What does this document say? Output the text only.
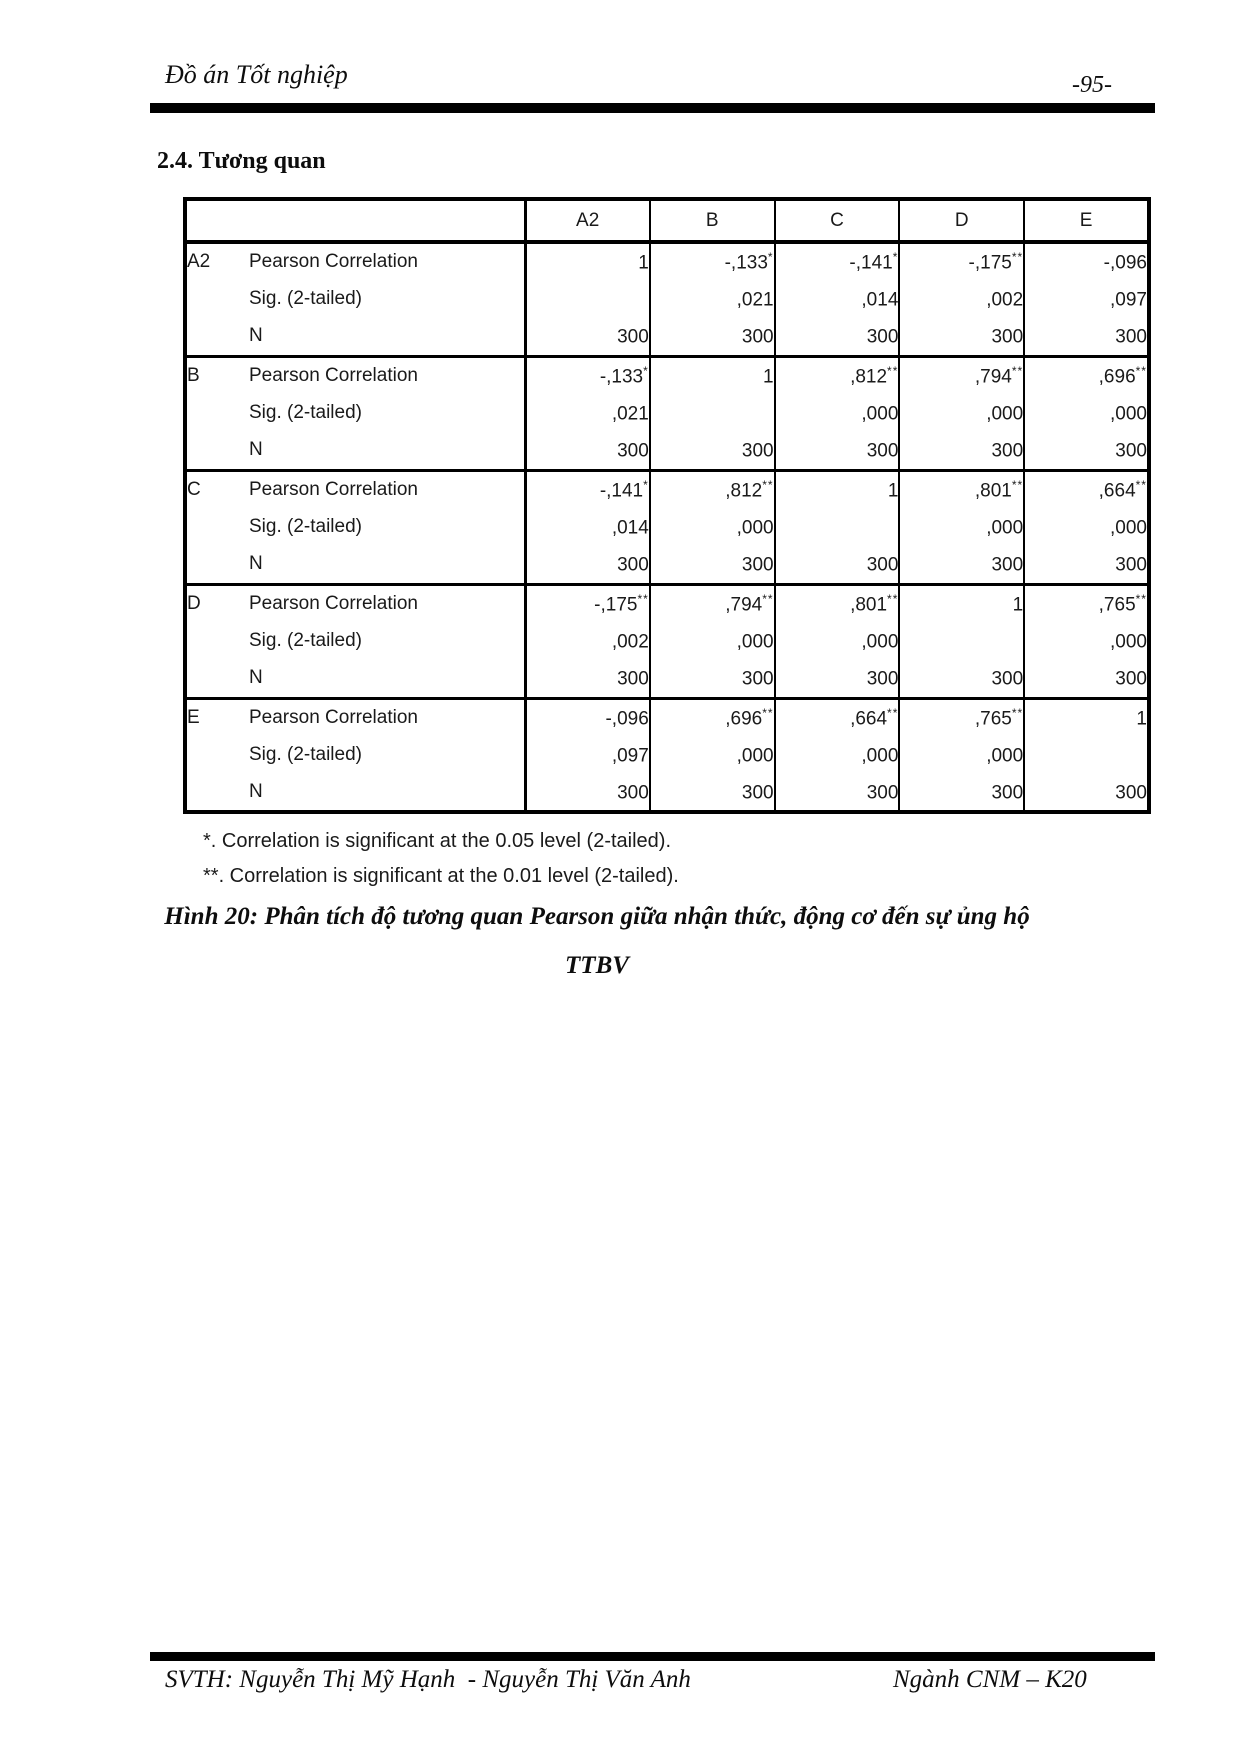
Đồ án Tốt nghiệp	-95-
2.4. Tương quan
	A2	B	C	D	E
A2 Pearson Correlation	1	-,133*	-,141*	-,175**	-,096
Sig. (2-tailed)		,021	,014	,002	,097
N	300	300	300	300	300
B Pearson Correlation	-,133*	1	,812**	,794**	,696**
Sig. (2-tailed)	,021		,000	,000	,000
N	300	300	300	300	300
C Pearson Correlation	-,141*	,812**	1	,801**	,664**
Sig. (2-tailed)	,014	,000		,000	,000
N	300	300	300	300	300
D Pearson Correlation	-,175**	,794**	,801**	1	,765**
Sig. (2-tailed)	,002	,000	,000		,000
N	300	300	300	300	300
E Pearson Correlation	-,096	,696**	,664**	,765**	1
Sig. (2-tailed)	,097	,000	,000	,000	
N	300	300	300	300	300
*. Correlation is significant at the 0.05 level (2-tailed).
**. Correlation is significant at the 0.01 level (2-tailed).
Hình 20: Phân tích độ tương quan Pearson giữa nhận thức, động cơ đến sự ủng hộ
TTBV
SVTH: Nguyễn Thị Mỹ Hạnh  - Nguyễn Thị Văn Anh	Ngành CNM – K20
